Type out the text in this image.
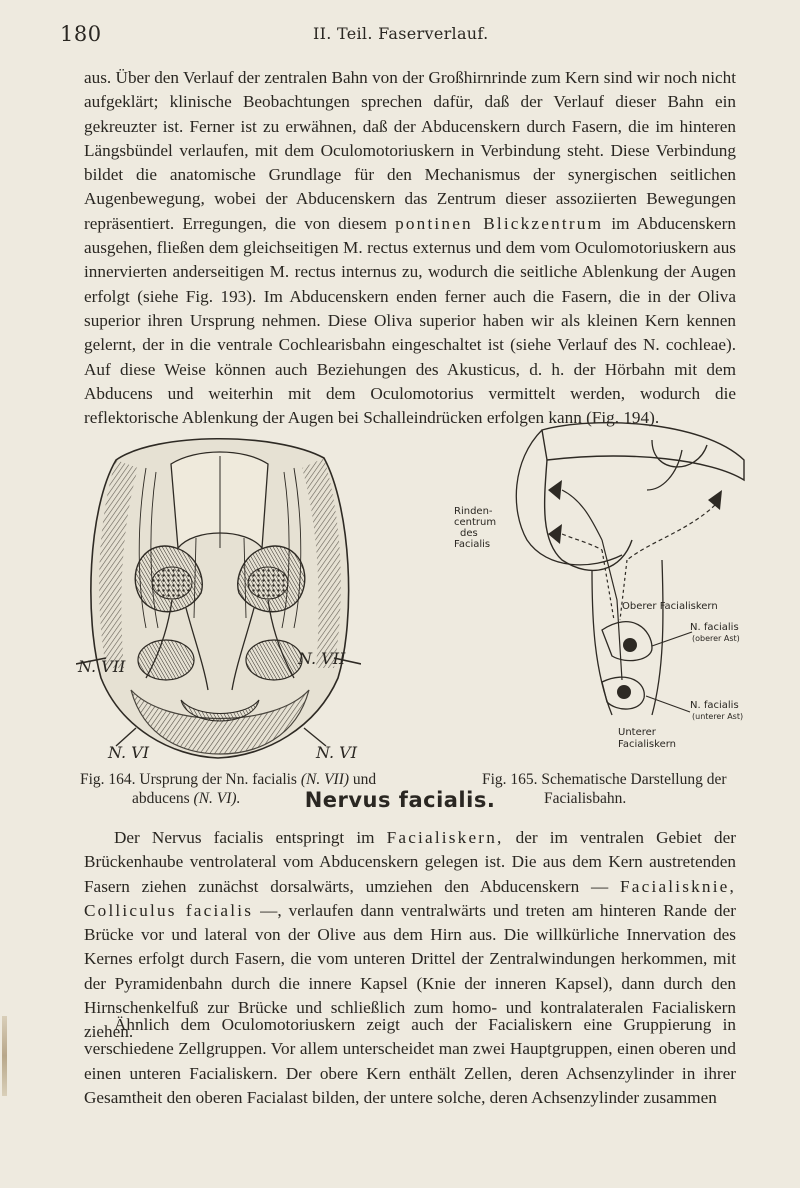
180	II. Teil. Faserverlauf.

aus. Über den Verlauf der zentralen Bahn von der Großhirnrinde zum Kern sind wir noch nicht aufgeklärt; klinische Beobachtungen sprechen dafür, daß der Verlauf dieser Bahn ein gekreuzter ist. Ferner ist zu erwähnen, daß der Abducenskern durch Fasern, die im hinteren Längsbündel verlaufen, mit dem Oculomotoriuskern in Verbindung steht. Diese Verbindung bildet die anatomische Grundlage für den Mechanismus der synergischen seitlichen Augenbewegung, wobei der Abducenskern das Zentrum dieser assoziierten Bewegungen repräsentiert. Erregungen, die von diesem pontinen Blickzentrum im Abducenskern ausgehen, fließen dem gleichseitigen M. rectus externus und dem vom Oculomotoriuskern aus innervierten anderseitigen M. rectus internus zu, wodurch die seitliche Ablenkung der Augen erfolgt (siehe Fig. 193). Im Abducenskern enden ferner auch die Fasern, die in der Oliva superior ihren Ursprung nehmen. Diese Oliva superior haben wir als kleinen Kern kennen gelernt, der in die ventrale Cochlearisbahn eingeschaltet ist (siehe Verlauf des N. cochleae). Auf diese Weise können auch Beziehungen des Akusticus, d. h. der Hörbahn mit dem Abducens und weiterhin mit dem Oculomotorius vermittelt werden, wodurch die reflektorische Ablenkung der Augen bei Schalleindrücken erfolgen kann (Fig. 194).

N. VII	N. VII
N. VI	N. VI
Rinden-
centrum
des
Facialis
Oberer Facialiskern
N. facialis
(oberer Ast)
N. facialis
(unterer Ast)
Unterer
Facialiskern
Fig. 164. Ursprung der Nn. facialis (N. VII) und
abducens (N. VI).
Fig. 165. Schematische Darstellung der
Facialisbahn.
Nervus facialis.

Der Nervus facialis entspringt im Facialiskern, der im ventralen Gebiet der Brückenhaube ventrolateral vom Abducenskern gelegen ist. Die aus dem Kern austretenden Fasern ziehen zunächst dorsalwärts, umziehen den Abducenskern — Facialisknie, Colliculus facialis —, verlaufen dann ventralwärts und treten am hinteren Rande der Brücke vor und lateral von der Olive aus dem Hirn aus. Die willkürliche Innervation des Kernes erfolgt durch Fasern, die vom unteren Drittel der Zentralwindungen herkommen, mit der Pyramidenbahn durch die innere Kapsel (Knie der inneren Kapsel), dann durch den Hirnschenkelfuß zur Brücke und schließlich zum homo- und kontralateralen Facialiskern ziehen.

Ähnlich dem Oculomotoriuskern zeigt auch der Facialiskern eine Gruppierung in verschiedene Zellgruppen. Vor allem unterscheidet man zwei Hauptgruppen, einen oberen und einen unteren Facialiskern. Der obere Kern enthält Zellen, deren Achsenzylinder in ihrer Gesamtheit den oberen Facialast bilden, der untere solche, deren Achsenzylinder zusammen
